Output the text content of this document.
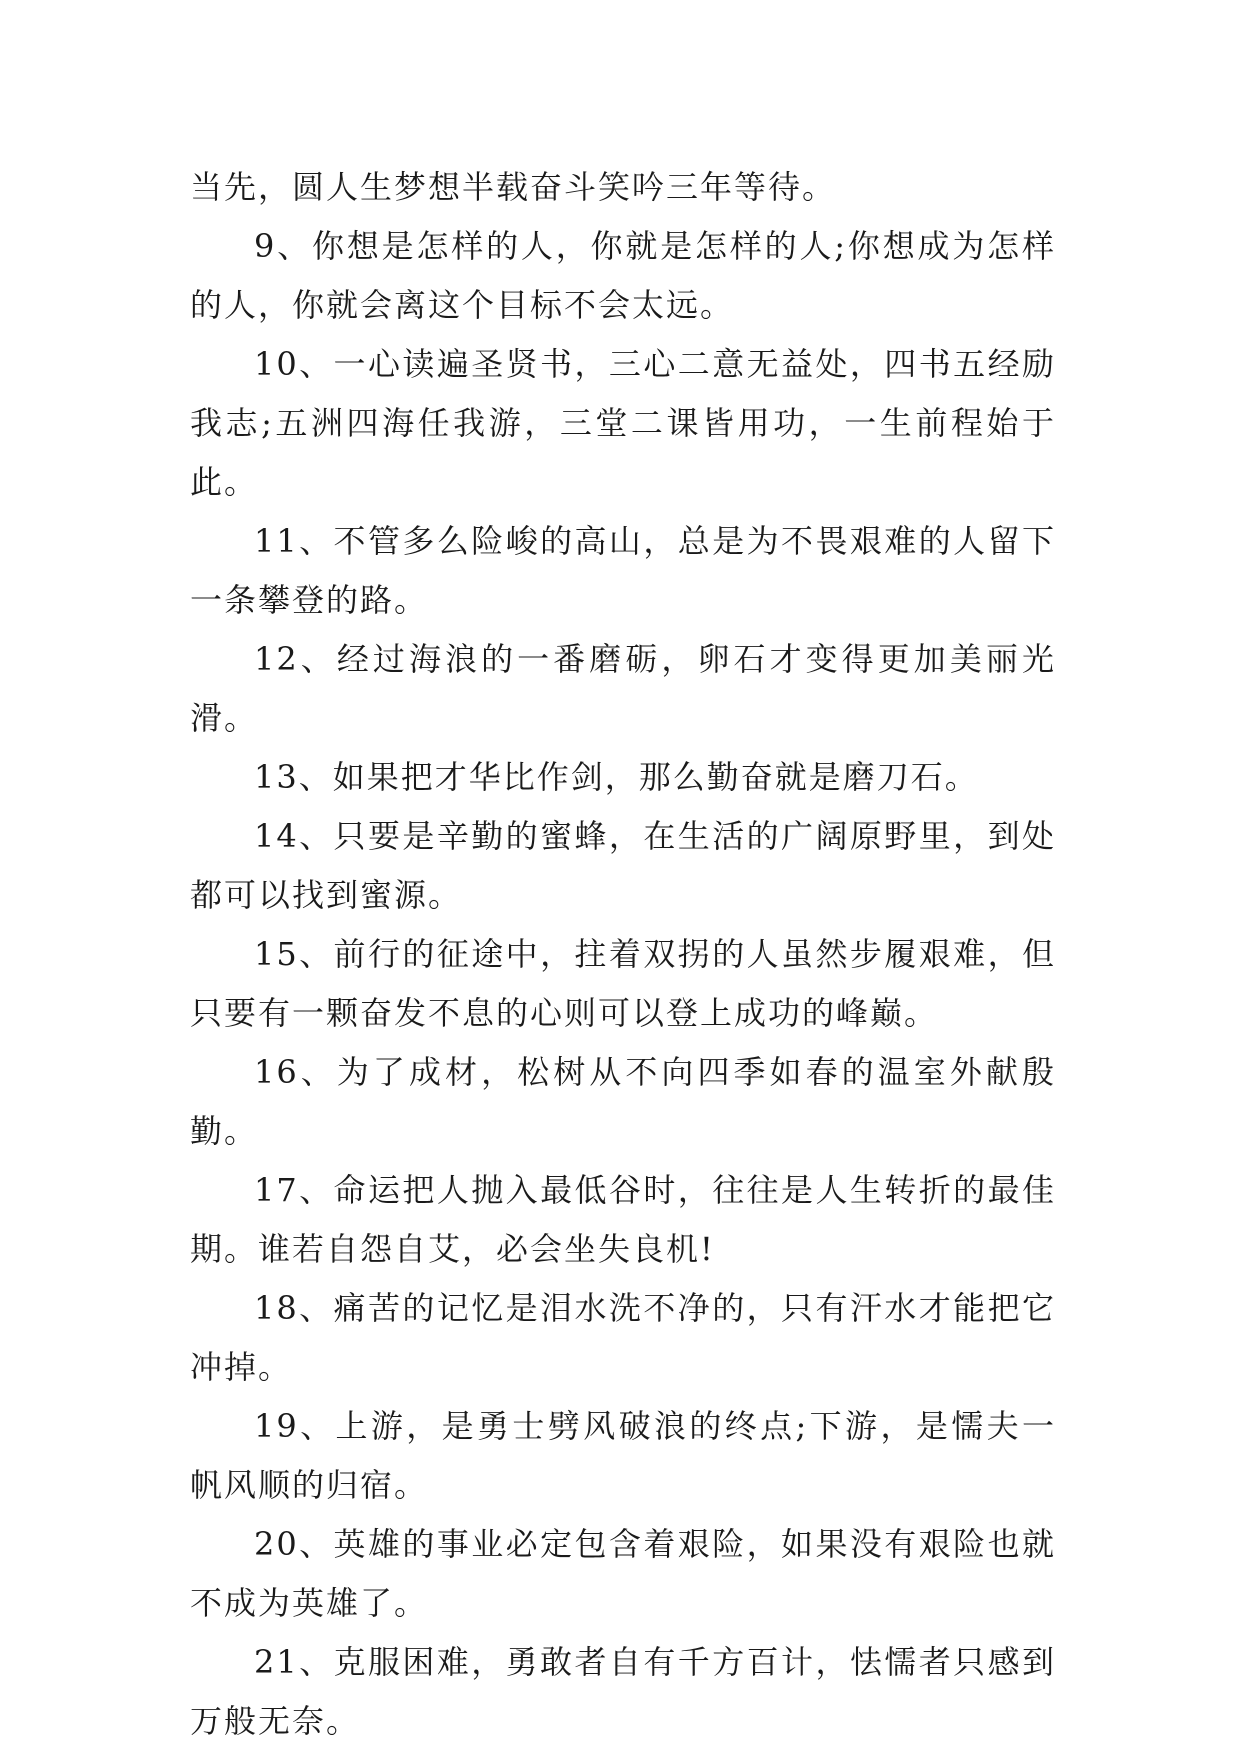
当先，圆人生梦想半载奋斗笑吟三年等待。

9、你想是怎样的人，你就是怎样的人;你想成为怎样的人，你就会离这个目标不会太远。

10、一心读遍圣贤书，三心二意无益处，四书五经励我志;五洲四海任我游，三堂二课皆用功，一生前程始于此。

11、不管多么险峻的高山，总是为不畏艰难的人留下一条攀登的路。

12、经过海浪的一番磨砺，卵石才变得更加美丽光滑。

13、如果把才华比作剑，那么勤奋就是磨刀石。

14、只要是辛勤的蜜蜂，在生活的广阔原野里，到处都可以找到蜜源。

15、前行的征途中，拄着双拐的人虽然步履艰难，但只要有一颗奋发不息的心则可以登上成功的峰巅。

16、为了成材，松树从不向四季如春的温室外献殷勤。

17、命运把人抛入最低谷时，往往是人生转折的最佳期。谁若自怨自艾，必会坐失良机!

18、痛苦的记忆是泪水洗不净的，只有汗水才能把它冲掉。

19、上游，是勇士劈风破浪的终点;下游，是懦夫一帆风顺的归宿。

20、英雄的事业必定包含着艰险，如果没有艰险也就不成为英雄了。

21、克服困难，勇敢者自有千方百计，怯懦者只感到万般无奈。
